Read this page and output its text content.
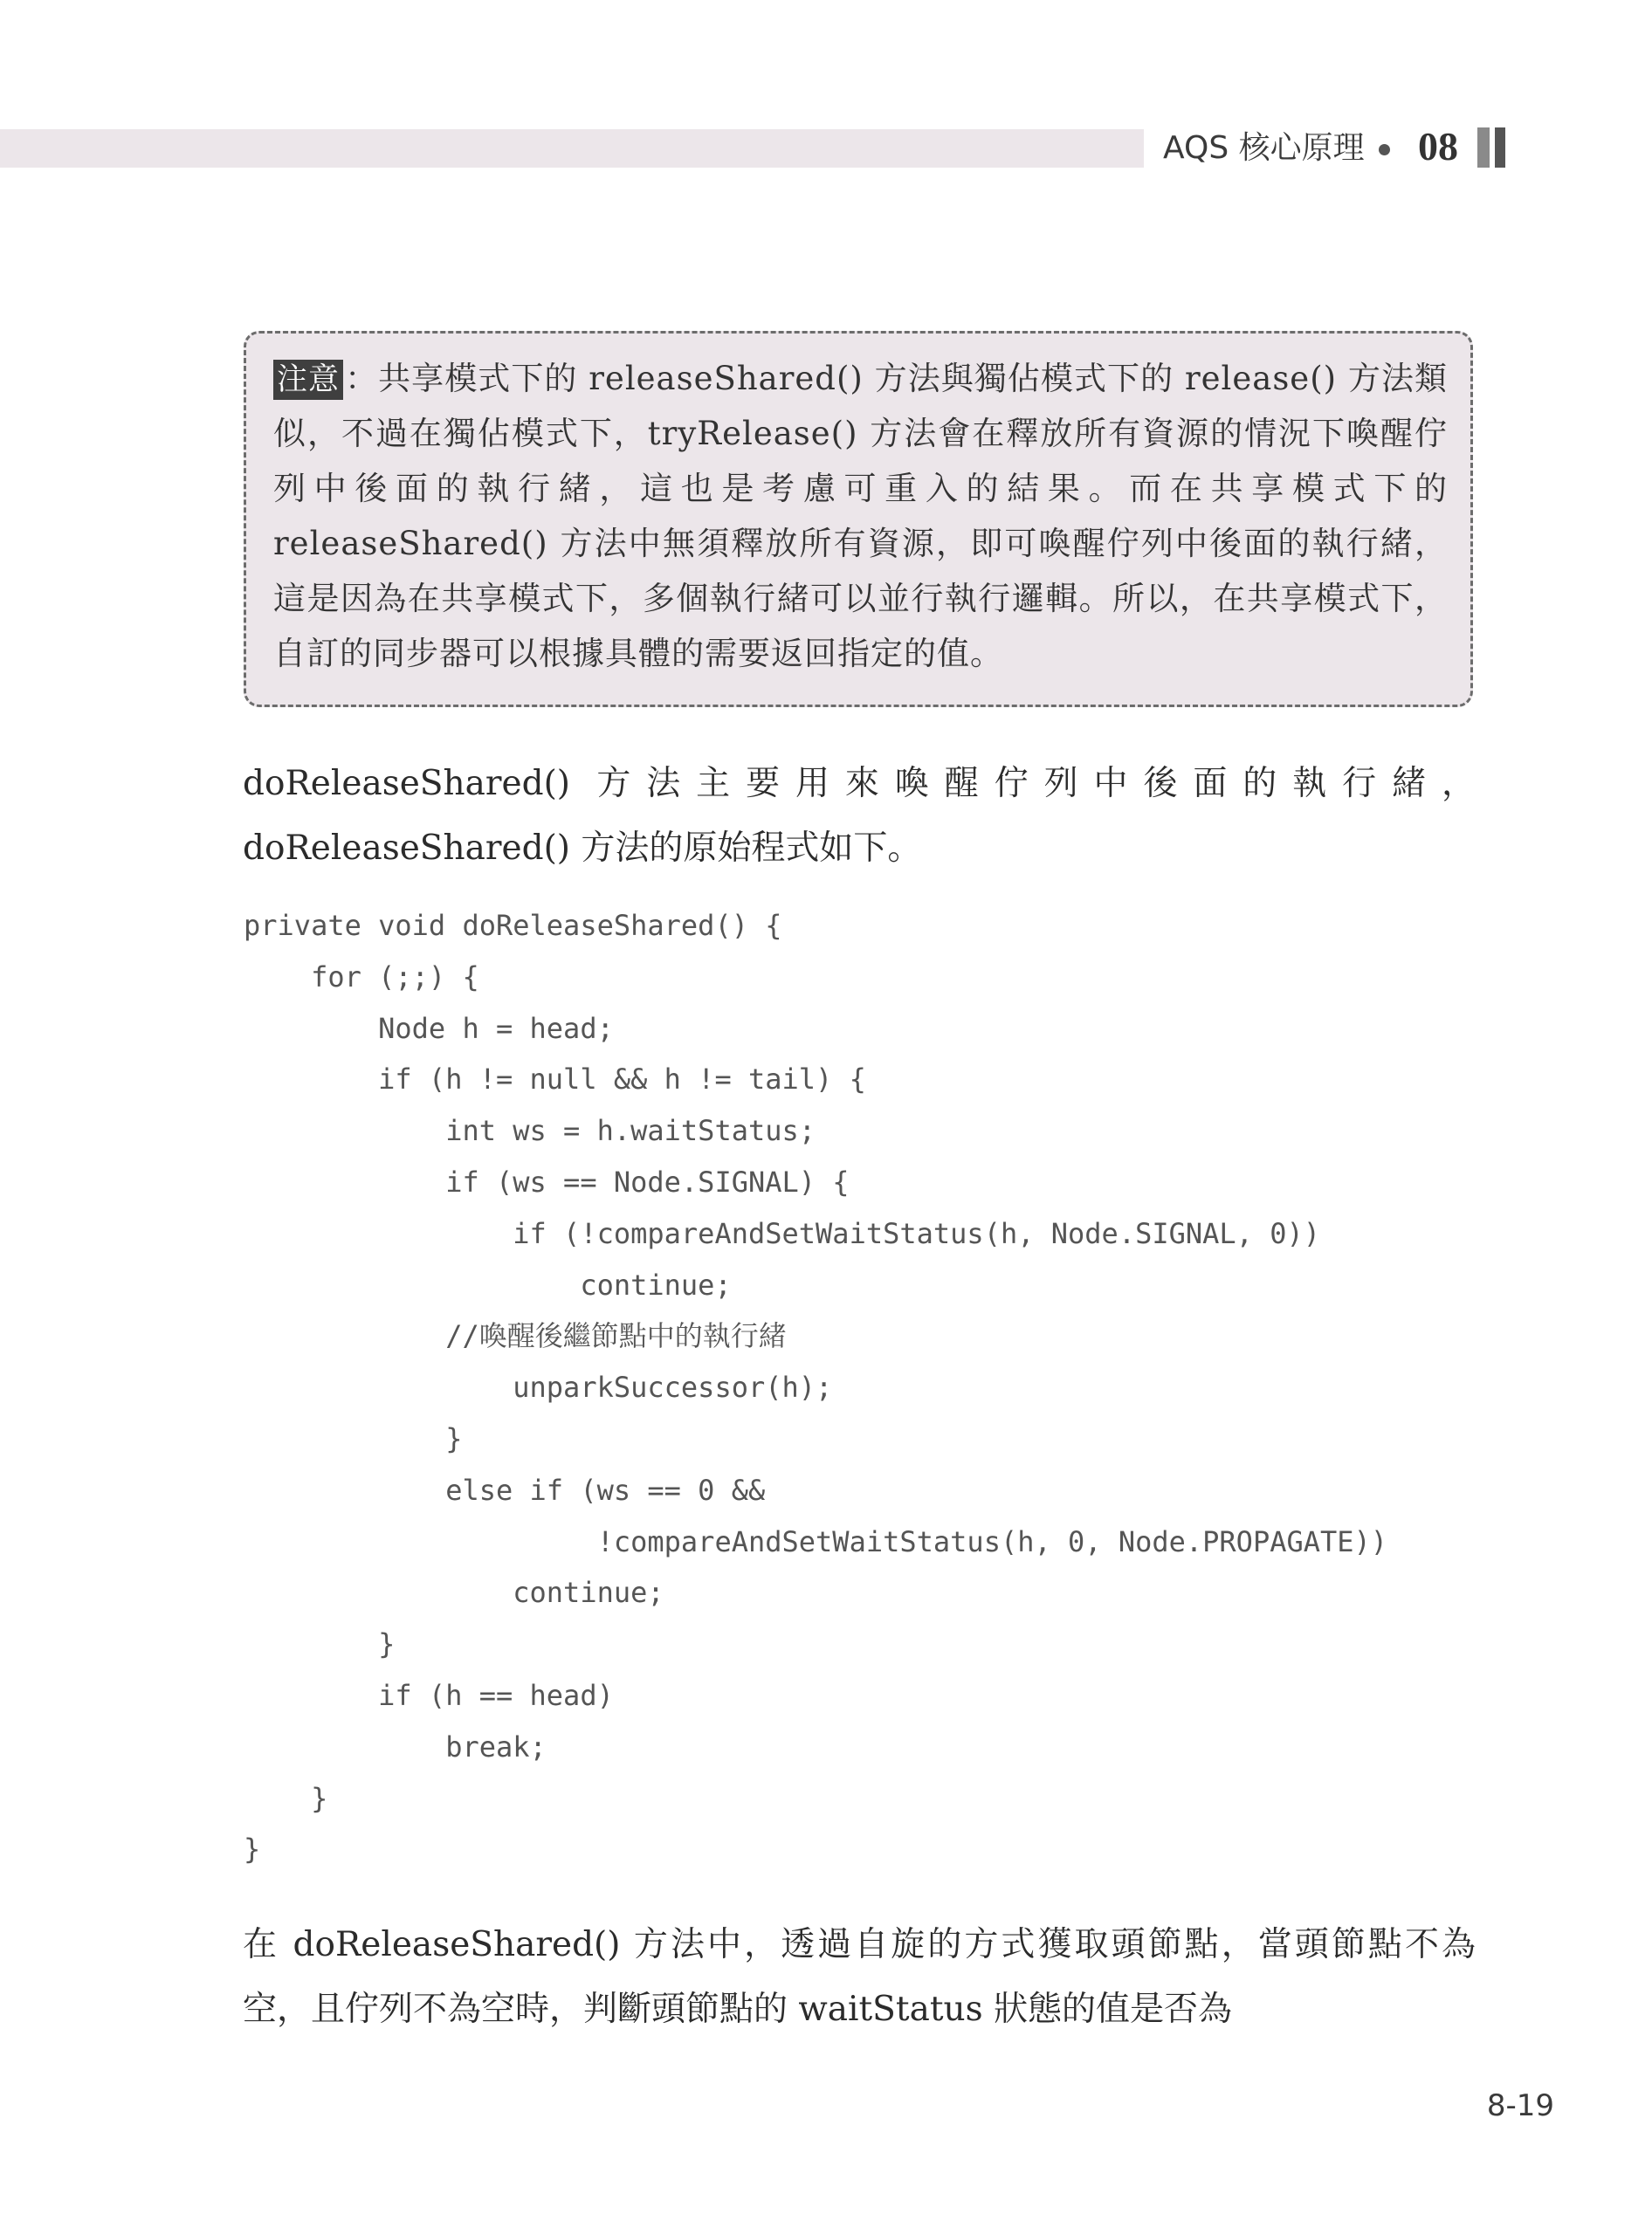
AQS 核心原理 08
注意 ：共享模式下的 releaseShared() 方法與獨佔模式下的 release() 方法類似，不過在獨佔模式下，tryRelease() 方法會在釋放所有資源的情況下喚醒佇列中後面的執行緒，這也是考慮可重入的結果。而在共享模式下的 releaseShared() 方法中無須釋放所有資源，即可喚醒佇列中後面的執行緒，這是因為在共享模式下，多個執行緒可以並行執行邏輯。所以，在共享模式下，自訂的同步器可以根據具體的需要返回指定的值。
doReleaseShared() 方法主要用來喚醒佇列中後面的執行緒，doReleaseShared() 方法的原始程式如下。
private void doReleaseShared() {
for (;;) {
Node h = head;
if (h != null && h != tail) {
int ws = h.waitStatus;
if (ws == Node.SIGNAL) {
if (!compareAndSetWaitStatus(h, Node.SIGNAL, 0))
continue;
//喚醒後繼節點中的執行緒
unparkSuccessor(h);
}
else if (ws == 0 &&
!compareAndSetWaitStatus(h, 0, Node.PROPAGATE))
continue;
}
if (h == head)
break;
}
}
在 doReleaseShared() 方法中，透過自旋的方式獲取頭節點，當頭節點不為空，且佇列不為空時，判斷頭節點的 waitStatus 狀態的值是否為
8-19
